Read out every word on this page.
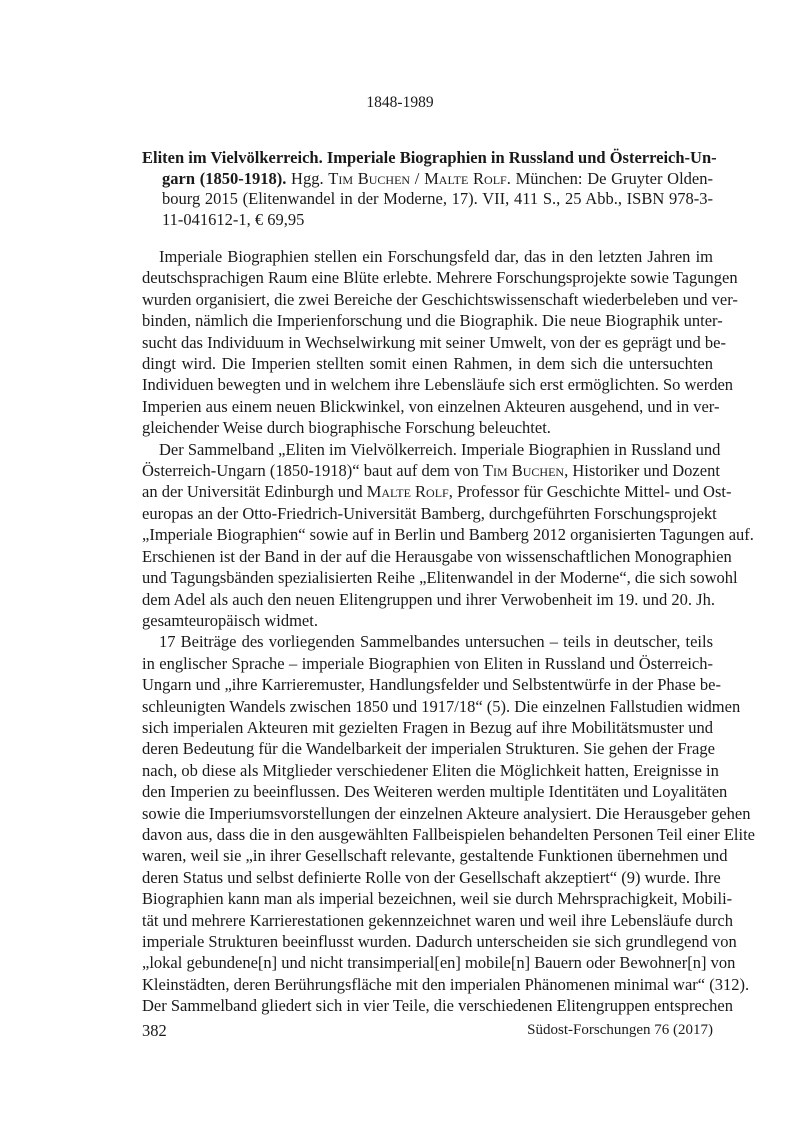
1848-1989
Eliten im Vielvölkerreich. Imperiale Biographien in Russland und Österreich-Un-
garn (1850-1918). Hgg. Tim Buchen / Malte Rolf. München: De Gruyter Olden-
bourg 2015 (Elitenwandel in der Moderne, 17). VII, 411 S., 25 Abb., ISBN 978-3-
11-041612-1, € 69,95
Imperiale Biographien stellen ein Forschungsfeld dar, das in den letzten Jahren im
deutschsprachigen Raum eine Blüte erlebte. Mehrere Forschungsprojekte sowie Tagungen
wurden organisiert, die zwei Bereiche der Geschichtswissenschaft wiederbeleben und ver-
binden, nämlich die Imperienforschung und die Biographik. Die neue Biographik unter-
sucht das Individuum in Wechselwirkung mit seiner Umwelt, von der es geprägt und be-
dingt wird. Die Imperien stellten somit einen Rahmen, in dem sich die untersuchten
Individuen bewegten und in welchem ihre Lebensläufe sich erst ermöglichten. So werden
Imperien aus einem neuen Blickwinkel, von einzelnen Akteuren ausgehend, und in ver-
gleichender Weise durch biographische Forschung beleuchtet.
Der Sammelband „Eliten im Vielvölkerreich. Imperiale Biographien in Russland und
Österreich-Ungarn (1850-1918)“ baut auf dem von Tim Buchen, Historiker und Dozent
an der Universität Edinburgh und Malte Rolf, Professor für Geschichte Mittel- und Ost-
europas an der Otto-Friedrich-Universität Bamberg, durchgeführten Forschungsprojekt
„Imperiale Biographien“ sowie auf in Berlin und Bamberg 2012 organisierten Tagungen auf.
Erschienen ist der Band in der auf die Herausgabe von wissenschaftlichen Monographien
und Tagungsbänden spezialisierten Reihe „Elitenwandel in der Moderne“, die sich sowohl
dem Adel als auch den neuen Elitengruppen und ihrer Verwobenheit im 19. und 20. Jh.
gesamteuropäisch widmet.
17 Beiträge des vorliegenden Sammelbandes untersuchen – teils in deutscher, teils
in englischer Sprache – imperiale Biographien von Eliten in Russland und Österreich-
Ungarn und „ihre Karrieremuster, Handlungsfelder und Selbstentwürfe in der Phase be-
schleunigten Wandels zwischen 1850 und 1917/18“ (5). Die einzelnen Fallstudien widmen
sich imperialen Akteuren mit gezielten Fragen in Bezug auf ihre Mobilitätsmuster und
deren Bedeutung für die Wandelbarkeit der imperialen Strukturen. Sie gehen der Frage
nach, ob diese als Mitglieder verschiedener Eliten die Möglichkeit hatten, Ereignisse in
den Imperien zu beeinflussen. Des Weiteren werden multiple Identitäten und Loyalitäten
sowie die Imperiumsvorstellungen der einzelnen Akteure analysiert. Die Herausgeber gehen
davon aus, dass die in den ausgewählten Fallbeispielen behandelten Personen Teil einer Elite
waren, weil sie „in ihrer Gesellschaft relevante, gestaltende Funktionen übernehmen und
deren Status und selbst definierte Rolle von der Gesellschaft akzeptiert“ (9) wurde. Ihre
Biographien kann man als imperial bezeichnen, weil sie durch Mehrsprachigkeit, Mobili-
tät und mehrere Karrierestationen gekennzeichnet waren und weil ihre Lebensläufe durch
imperiale Strukturen beeinflusst wurden. Dadurch unterscheiden sie sich grundlegend von
„lokal gebundene[n] und nicht transimperial[en] mobile[n] Bauern oder Bewohner[n] von
Kleinstädten, deren Berührungsfläche mit den imperialen Phänomenen minimal war“ (312).
Der Sammelband gliedert sich in vier Teile, die verschiedenen Elitengruppen entsprechen
382	Südost-Forschungen 76 (2017)
